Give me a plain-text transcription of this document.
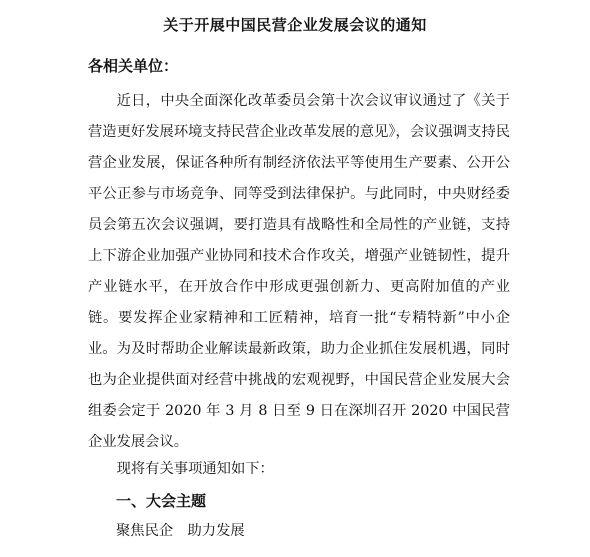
关于开展中国民营企业发展会议的通知
各相关单位：

近日，中央全面深化改革委员会第十次会议审议通过了《关于营造更好发展环境支持民营企业改革发展的意见》，会议强调支持民营企业发展，保证各种所有制经济依法平等使用生产要素、公开公平公正参与市场竞争、同等受到法律保护。与此同时，中央财经委员会第五次会议强调，要打造具有战略性和全局性的产业链，支持上下游企业加强产业协同和技术合作攻关，增强产业链韧性，提升产业链水平，在开放合作中形成更强创新力、更高附加值的产业链。要发挥企业家精神和工匠精神，培育一批“专精特新”中小企业。 为及时帮助企业解读最新政策，助力企业抓住发展机遇，同时也为企业提供面对经营中挑战的宏观视野，中国民营企业发展大会组委会定于 2020 年 3 月 8 日至 9 日在深圳召开 2020 中国民营企业发展会议。

现将有关事项通知如下：

一、大会主题
聚焦民企　助力发展
